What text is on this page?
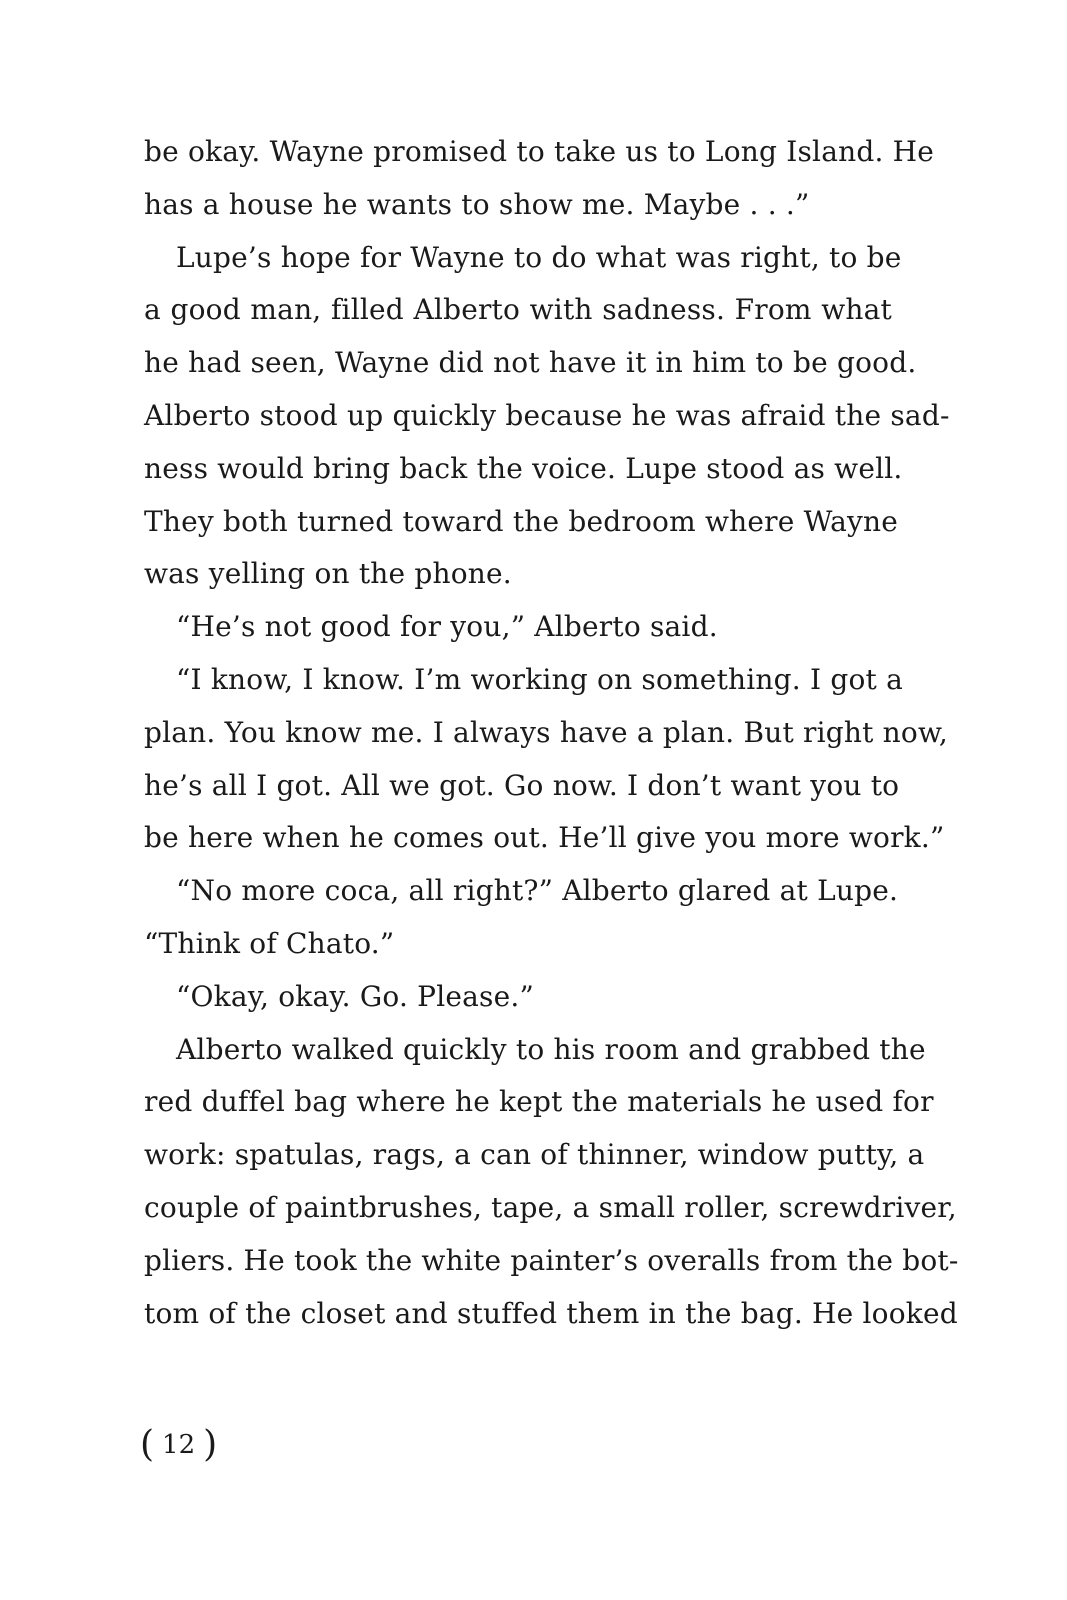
be okay. Wayne promised to take us to Long Island. He
has a house he wants to show me. Maybe . . .”
Lupe’s hope for Wayne to do what was right, to be
a good man, filled Alberto with sadness. From what
he had seen, Wayne did not have it in him to be good.
Alberto stood up quickly because he was afraid the sad-
ness would bring back the voice. Lupe stood as well.
They both turned toward the bedroom where Wayne
was yelling on the phone.
“He’s not good for you,” Alberto said.
“I know, I know. I’m working on something. I got a
plan. You know me. I always have a plan. But right now,
he’s all I got. All we got. Go now. I don’t want you to
be here when he comes out. He’ll give you more work.”
“No more coca, all right?” Alberto glared at Lupe.
“Think of Chato.”
“Okay, okay. Go. Please.”
Alberto walked quickly to his room and grabbed the
red duffel bag where he kept the materials he used for
work: spatulas, rags, a can of thinner, window putty, a
couple of paintbrushes, tape, a small roller, screwdriver,
pliers. He took the white painter’s overalls from the bot-
tom of the closet and stuffed them in the bag. He looked
( 12 )
